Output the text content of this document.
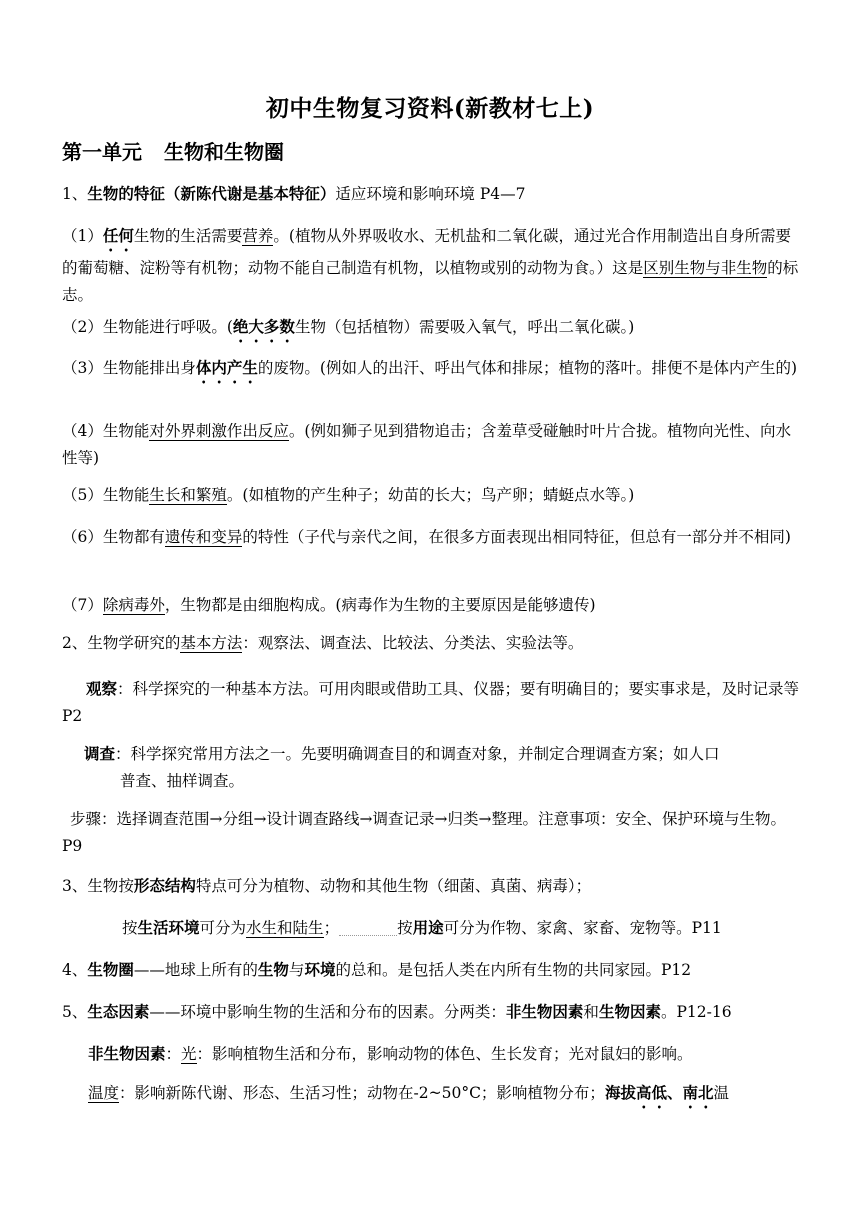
初中生物复习资料(新教材七上)
第一单元 生物和生物圈
1、生物的特征（新陈代谢是基本特征）适应环境和影响环境 P4—7
（1）任何生物的生活需要营养。(植物从外界吸收水、无机盐和二氧化碳，通过光合作用制造出自身所需要的葡萄糖、淀粉等有机物；动物不能自己制造有机物，以植物或别的动物为食。）这是区别生物与非生物的标志。
（2）生物能进行呼吸。(绝大多数生物（包括植物）需要吸入氧气，呼出二氧化碳。)
（3）生物能排出身体内产生的废物。(例如人的出汗、呼出气体和排尿；植物的落叶。排便不是体内产生的)
（4）生物能对外界刺激作出反应。(例如狮子见到猎物追击；含羞草受碰触时叶片合拢。植物向光性、向水性等)
（5）生物能生长和繁殖。(如植物的产生种子；幼苗的长大；鸟产卵；蜻蜓点水等。)
（6）生物都有遗传和变异的特性（子代与亲代之间，在很多方面表现出相同特征，但总有一部分并不相同)
（7）除病毒外，生物都是由细胞构成。(病毒作为生物的主要原因是能够遗传)
2、生物学研究的基本方法：观察法、调查法、比较法、分类法、实验法等。
观察：科学探究的一种基本方法。可用肉眼或借助工具、仪器；要有明确目的；要实事求是，及时记录等 P2
调查：科学探究常用方法之一。先要明确调查目的和调查对象，并制定合理调查方案；如人口
普查、抽样调查。
步骤：选择调查范围→分组→设计调查路线→调查记录→归类→整理。注意事项：安全、保护环境与生物。P9
3、生物按形态结构特点可分为植物、动物和其他生物（细菌、真菌、病毒）；
按生活环境可分为水生和陆生；	按用途可分为作物、家禽、家畜、宠物等。P11
4、生物圈——地球上所有的生物与环境的总和。是包括人类在内所有生物的共同家园。P12
5、生态因素——环境中影响生物的生活和分布的因素。分两类：非生物因素和生物因素。P12-16
非生物因素：光：影响植物生活和分布，影响动物的体色、生长发育；光对鼠妇的影响。
温度：影响新陈代谢、形态、生活习性；动物在-2~50°C；影响植物分布；海拔高低、南北温
